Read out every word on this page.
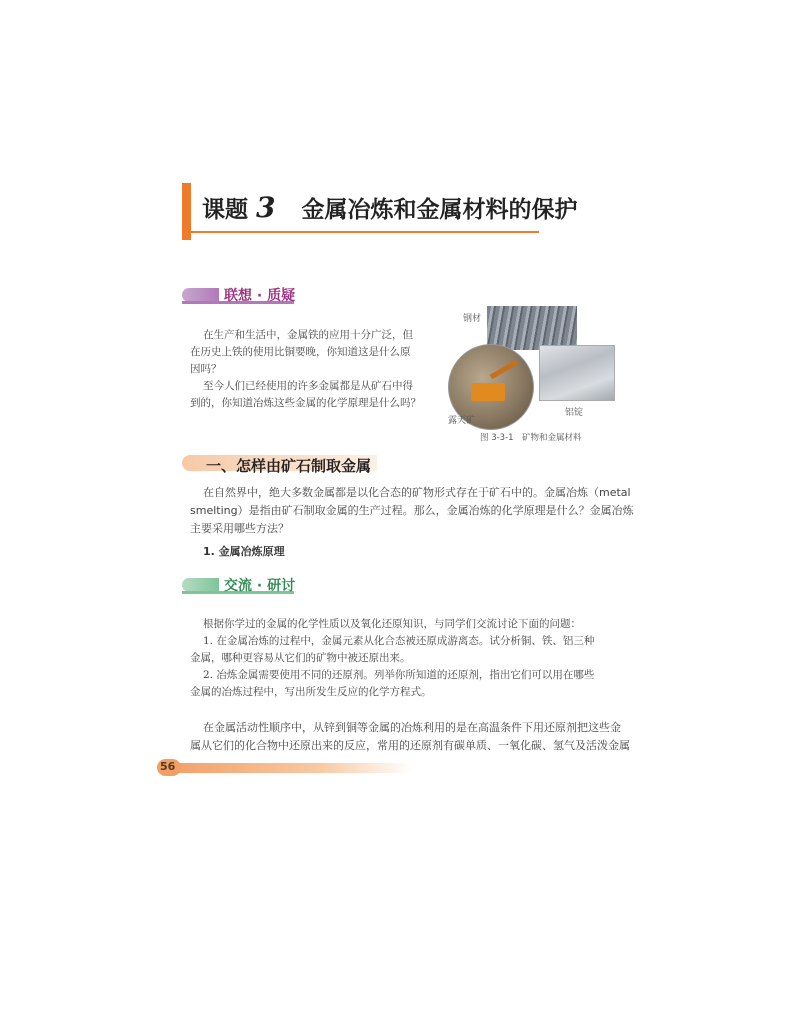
课题 3 金属冶炼和金属材料的保护
联想 · 质疑
在生产和生活中，金属铁的应用十分广泛，但
在历史上铁的使用比铜要晚，你知道这是什么原
因吗？
至今人们已经使用的许多金属都是从矿石中得
到的，你知道冶炼这些金属的化学原理是什么吗？
钢材
露天矿
铝锭
图 3-3-1　矿物和金属材料
一、怎样由矿石制取金属
在自然界中，绝大多数金属都是以化合态的矿物形式存在于矿石中的。金属冶炼（metal
smelting）是指由矿石制取金属的生产过程。那么，金属冶炼的化学原理是什么？金属冶炼
主要采用哪些方法？
1. 金属冶炼原理
交流 · 研讨
根据你学过的金属的化学性质以及氧化还原知识，与同学们交流讨论下面的问题：
1. 在金属冶炼的过程中，金属元素从化合态被还原成游离态。试分析铜、铁、铝三种
金属，哪种更容易从它们的矿物中被还原出来。
2. 冶炼金属需要使用不同的还原剂。列举你所知道的还原剂，指出它们可以用在哪些
金属的冶炼过程中，写出所发生反应的化学方程式。
在金属活动性顺序中，从锌到铜等金属的冶炼利用的是在高温条件下用还原剂把这些金
属从它们的化合物中还原出来的反应，常用的还原剂有碳单质、一氧化碳、氢气及活泼金属
56
